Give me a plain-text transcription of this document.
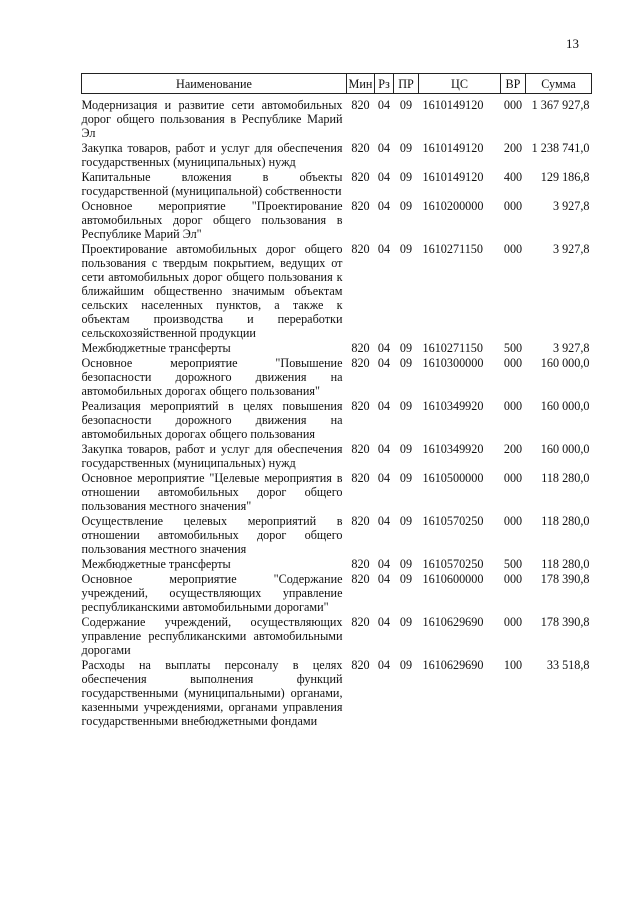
13
Наименование	Мин	Рз	ПР	ЦС	ВР	Сумма
Модернизация и развитие сети автомобильных дорог общего пользования в Республике Марий Эл	820	04	09	1610149120	000	1 367 927,8
Закупка товаров, работ и услуг для обеспечения государственных (муниципальных) нужд	820	04	09	1610149120	200	1 238 741,0
Капитальные вложения в объекты государственной (муниципальной) собственности	820	04	09	1610149120	400	129 186,8
Основное мероприятие "Проектирование автомобильных дорог общего пользования в Республике Марий Эл"	820	04	09	1610200000	000	3 927,8
Проектирование автомобильных дорог общего пользования с твердым покрытием, ведущих от сети автомобильных дорог общего пользования к ближайшим общественно значимым объектам сельских населенных пунктов, а также к объектам производства и переработки сельскохозяйственной продукции	820	04	09	1610271150	000	3 927,8
Межбюджетные трансферты	820	04	09	1610271150	500	3 927,8
Основное мероприятие "Повышение безопасности дорожного движения на автомобильных дорогах общего пользования"	820	04	09	1610300000	000	160 000,0
Реализация мероприятий в целях повышения безопасности дорожного движения на автомобильных дорогах общего пользования	820	04	09	1610349920	000	160 000,0
Закупка товаров, работ и услуг для обеспечения государственных (муниципальных) нужд	820	04	09	1610349920	200	160 000,0
Основное мероприятие "Целевые мероприятия в отношении автомобильных дорог общего пользования местного значения"	820	04	09	1610500000	000	118 280,0
Осуществление целевых мероприятий в отношении автомобильных дорог общего пользования местного значения	820	04	09	1610570250	000	118 280,0
Межбюджетные трансферты	820	04	09	1610570250	500	118 280,0
Основное мероприятие "Содержание учреждений, осуществляющих управление республиканскими автомобильными дорогами"	820	04	09	1610600000	000	178 390,8
Содержание учреждений, осуществляющих управление республиканскими автомобильными дорогами	820	04	09	1610629690	000	178 390,8
Расходы на выплаты персоналу в целях обеспечения выполнения функций государственными (муниципальными) органами, казенными учреждениями, органами управления государственными внебюджетными фондами	820	04	09	1610629690	100	33 518,8
